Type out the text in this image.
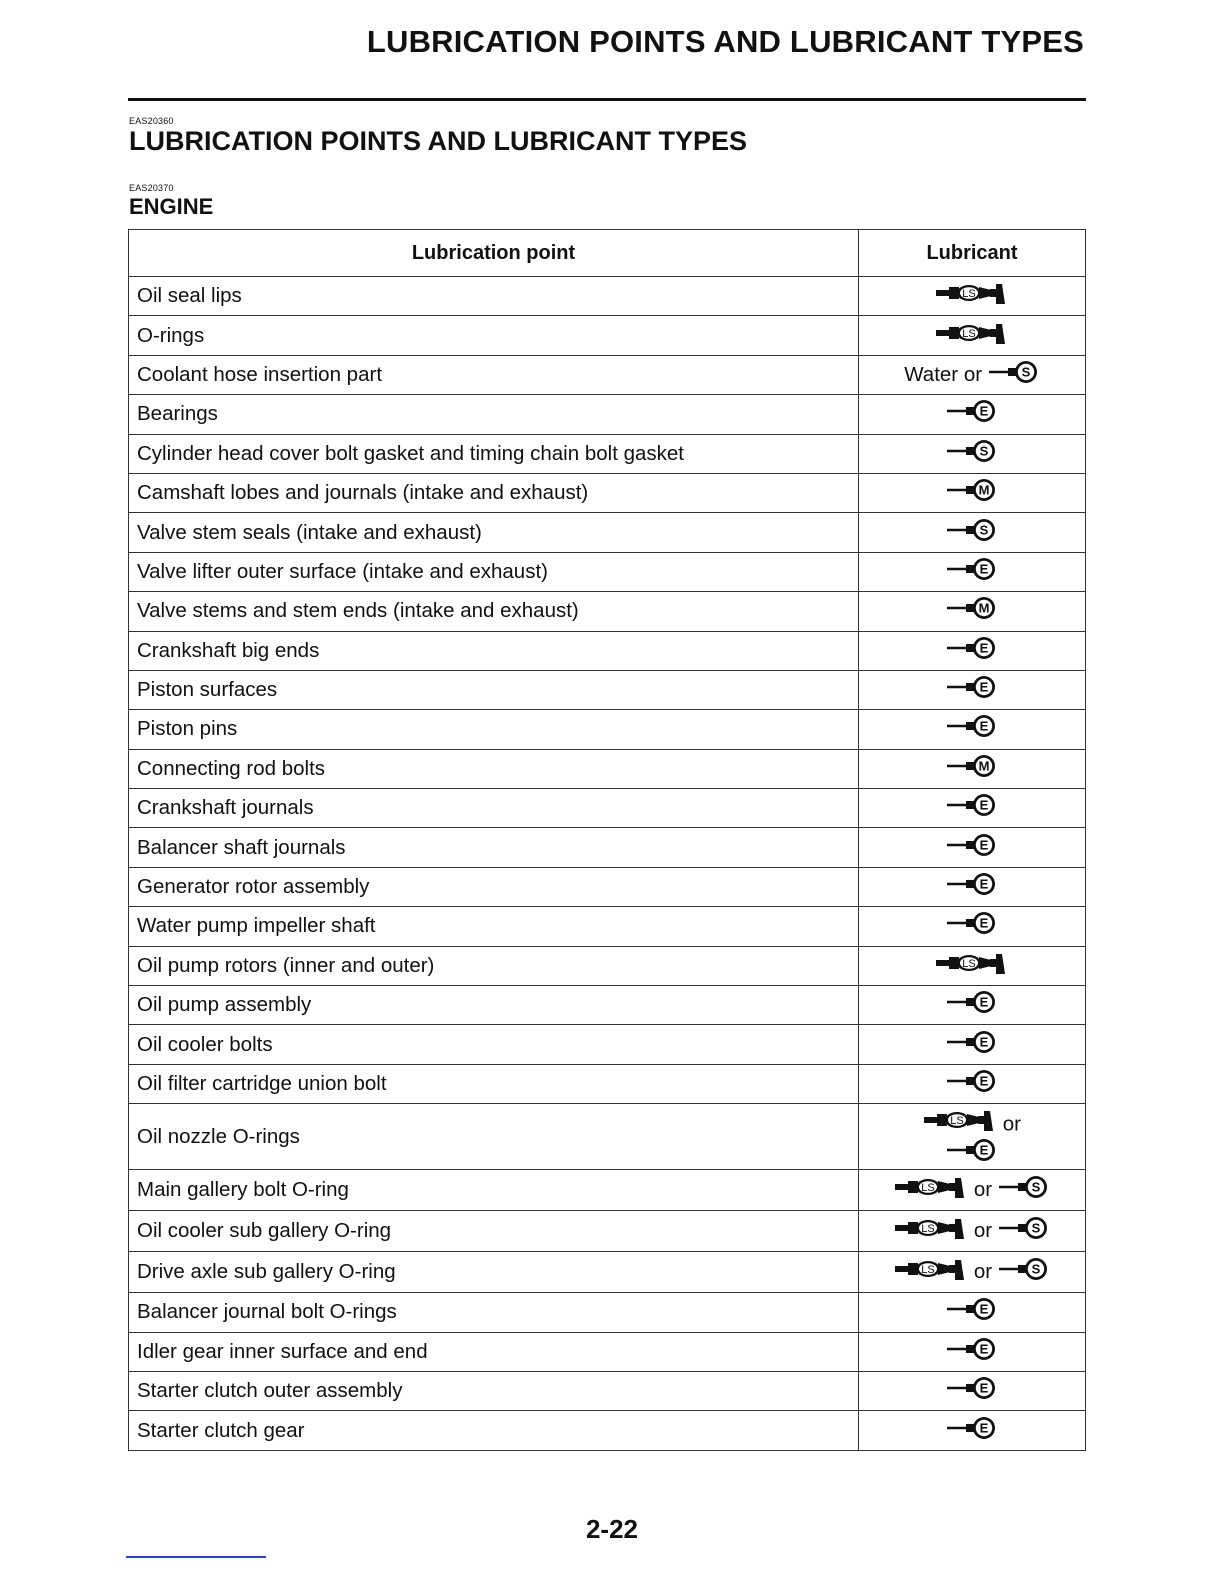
LUBRICATION POINTS AND LUBRICANT TYPES
EAS20360
LUBRICATION POINTS AND LUBRICANT TYPES
EAS20370
ENGINE
Lubrication point	Lubricant
Oil seal lips	LS

O-rings	LS

Coolant hose insertion part	Water or S

Bearings	E

Cylinder head cover bolt gasket and timing chain bolt gasket	S

Camshaft lobes and journals (intake and exhaust)	M

Valve stem seals (intake and exhaust)	S

Valve lifter outer surface (intake and exhaust)	E

Valve stems and stem ends (intake and exhaust)	M

Crankshaft big ends	E

Piston surfaces	E

Piston pins	E

Connecting rod bolts	M

Crankshaft journals	E

Balancer shaft journals	E

Generator rotor assembly	E

Water pump impeller shaft	E

Oil pump rotors (inner and outer)	LS

Oil pump assembly	E

Oil cooler bolts	E

Oil filter cartridge union bolt	E

Oil nozzle O-rings	LS or
E

Main gallery bolt O-ring	LS or S

Oil cooler sub gallery O-ring	LS or S

Drive axle sub gallery O-ring	LS or S

Balancer journal bolt O-rings	E

Idler gear inner surface and end	E

Starter clutch outer assembly	E

Starter clutch gear	E
2-22
